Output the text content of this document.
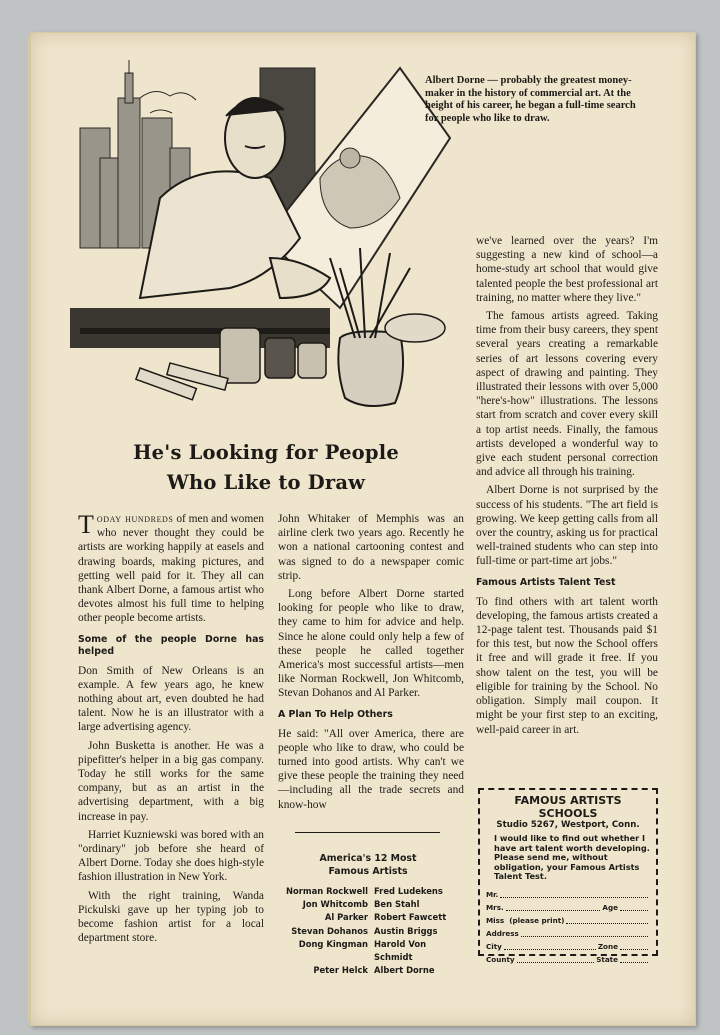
Albert Dorne — probably the greatest money-maker in the history of commercial art. At the height of his career, he began a full-time search for people who like to draw.
He's Looking for People
Who Like to Draw

Today hundreds of men and women who never thought they could be artists are working happily at easels and drawing boards, making pictures, and getting well paid for it. They all can thank Albert Dorne, a famous artist who devotes almost his full time to helping other people become artists.

Some of the people Dorne has helped

Don Smith of New Orleans is an example. A few years ago, he knew nothing about art, even doubted he had talent. Now he is an illustrator with a large advertising agency.

John Busketta is another. He was a pipefitter's helper in a big gas company. Today he still works for the same company, but as an artist in the advertising department, with a big increase in pay.

Harriet Kuzniewski was bored with an "ordinary" job before she heard of Albert Dorne. Today she does high-style fashion illustration in New York.

With the right training, Wanda Pickulski gave up her typing job to become fashion artist for a local department store.

John Whitaker of Memphis was an airline clerk two years ago. Recently he won a national cartooning contest and was signed to do a newspaper comic strip.

Long before Albert Dorne started looking for people who like to draw, they came to him for advice and help. Since he alone could only help a few of these people he called together America's most successful artists—men like Norman Rockwell, Jon Whitcomb, Stevan Dohanos and Al Parker.

A Plan To Help Others

He said: "All over America, there are people who like to draw, who could be turned into good artists. Why can't we give these people the training they need—including all the trade secrets and know-how

America's 12 Most
Famous Artists
Norman Rockwell Fred Ludekens
Jon Whitcomb Ben Stahl
Al Parker Robert Fawcett
Stevan Dohanos Austin Briggs
Dong Kingman Harold Von Schmidt
Peter Helck Albert Dorne

we've learned over the years? I'm suggesting a new kind of school—a home-study art school that would give talented people the best professional art training, no matter where they live."

The famous artists agreed. Taking time from their busy careers, they spent several years creating a remarkable series of art lessons covering every aspect of drawing and painting. They illustrated their lessons with over 5,000 "here's-how" illustrations. The lessons start from scratch and cover every skill a top artist needs. Finally, the famous artists developed a wonderful way to give each student personal correction and advice all through his training.

Albert Dorne is not surprised by the success of his students. "The art field is growing. We keep getting calls from all over the country, asking us for practical well-trained students who can step into full-time or part-time art jobs."

Famous Artists Talent Test

To find others with art talent worth developing, the famous artists created a 12-page talent test. Thousands paid $1 for this test, but now the School offers it free and will grade it free. If you show talent on the test, you will be eligible for training by the School. No obligation. Simply mail coupon. It might be your first step to an exciting, well-paid career in art.

FAMOUS ARTISTS SCHOOLS
Studio 5267, Westport, Conn.
I would like to find out whether I have art talent worth developing. Please send me, without obligation, your Famous Artists Talent Test.
Mr.
Mrs.	Age
Miss
(please print)
Address
City	Zone
County	State
